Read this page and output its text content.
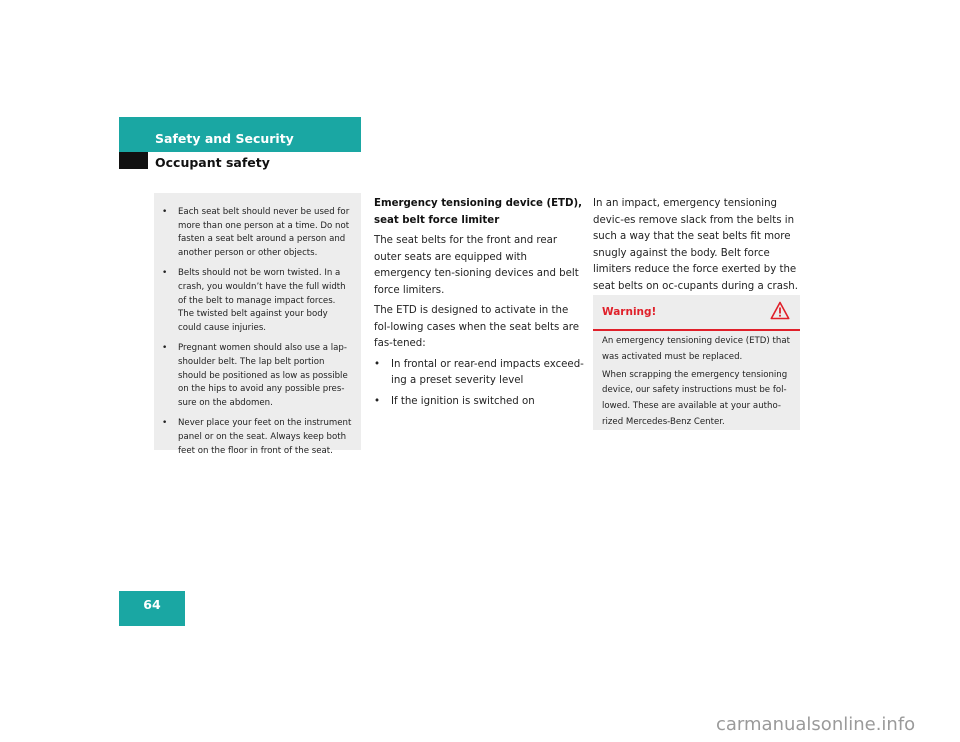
Safety and Security
Occupant safety
• Each seat belt should never be used for more than one person at a time. Do not fasten a seat belt around a person and another person or other objects.
• Belts should not be worn twisted. In a crash, you wouldn’t have the full width of the belt to manage impact forces. The twisted belt against your body could cause injuries.
• Pregnant women should also use a lap-shoulder belt. The lap belt portion should be positioned as low as possible on the hips to avoid any possible pres-sure on the abdomen.
• Never place your feet on the instrument panel or on the seat. Always keep both feet on the floor in front of the seat.

Emergency tensioning device (ETD), seat belt force limiter

The seat belts for the front and rear outer seats are equipped with emergency ten-sioning devices and belt force limiters.

The ETD is designed to activate in the fol-lowing cases when the seat belts are fas-tened:

• In frontal or rear-end impacts exceed-ing a preset severity level
• If the ignition is switched on

In an impact, emergency tensioning devic-es remove slack from the belts in such a way that the seat belts fit more snugly against the body. Belt force limiters reduce the force exerted by the seat belts on oc-cupants during a crash.

Warning!

An emergency tensioning device (ETD) that was activated must be replaced.

When scrapping the emergency tensioning device, our safety instructions must be fol-lowed. These are available at your autho-rized Mercedes-Benz Center.

64
carmanualsonline.info
